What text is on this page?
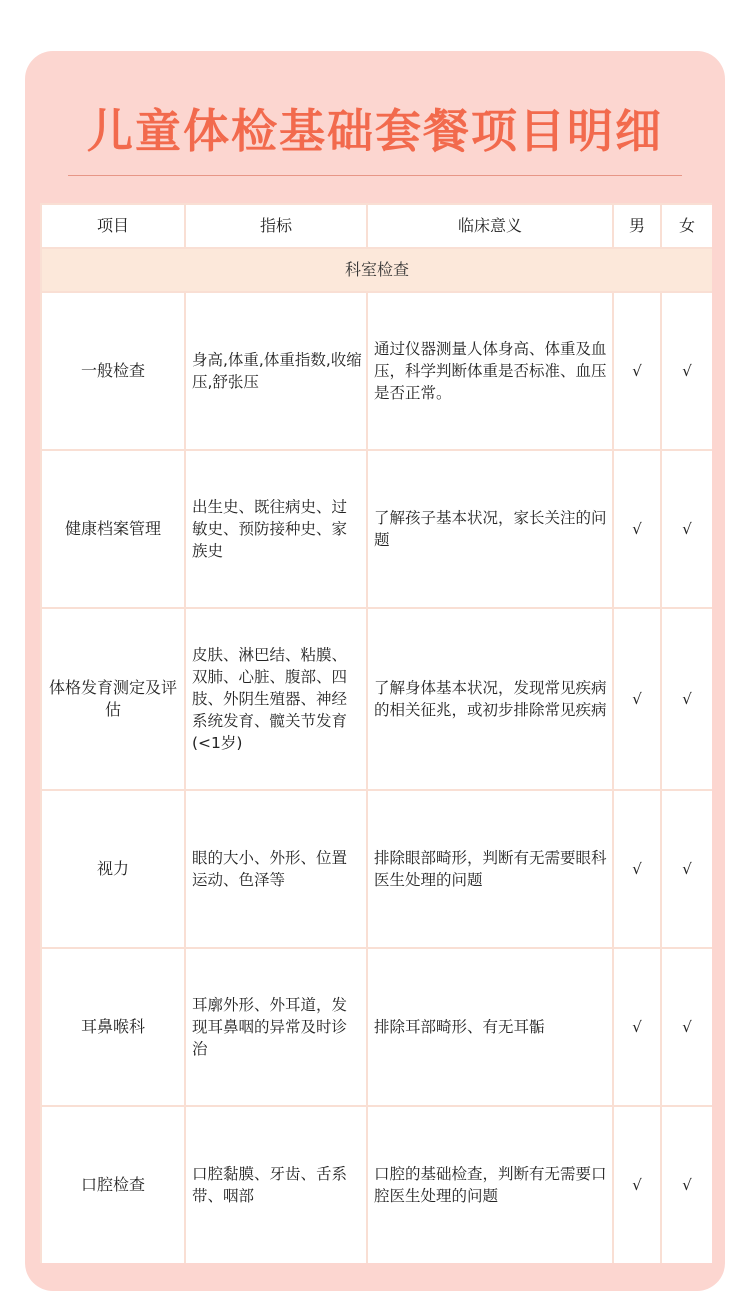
儿童体检基础套餐项目明细
项目	指标	临床意义	男	女
科室检查				
一般检查	身高,体重,体重指数,收缩压,舒张压	通过仪器测量人体身高、体重及血压，科学判断体重是否标准、血压是否正常。	√	√
健康档案管理	出生史、既往病史、过敏史、预防接种史、家族史	了解孩子基本状况，家长关注的问题	√	√
体格发育测定及评估	皮肤、淋巴结、粘膜、双肺、心脏、腹部、四肢、外阴生殖器、神经系统发育、髋关节发育(<1岁)	了解身体基本状况，发现常见疾病的相关征兆，或初步排除常见疾病	√	√
视力	眼的大小、外形、位置运动、色泽等	排除眼部畸形，判断有无需要眼科医生处理的问题	√	√
耳鼻喉科	耳廓外形、外耳道，发现耳鼻咽的异常及时诊治	排除耳部畸形、有无耳骺	√	√
口腔检查	口腔黏膜、牙齿、舌系带、咽部	口腔的基础检查，判断有无需要口腔医生处理的问题	√	√
